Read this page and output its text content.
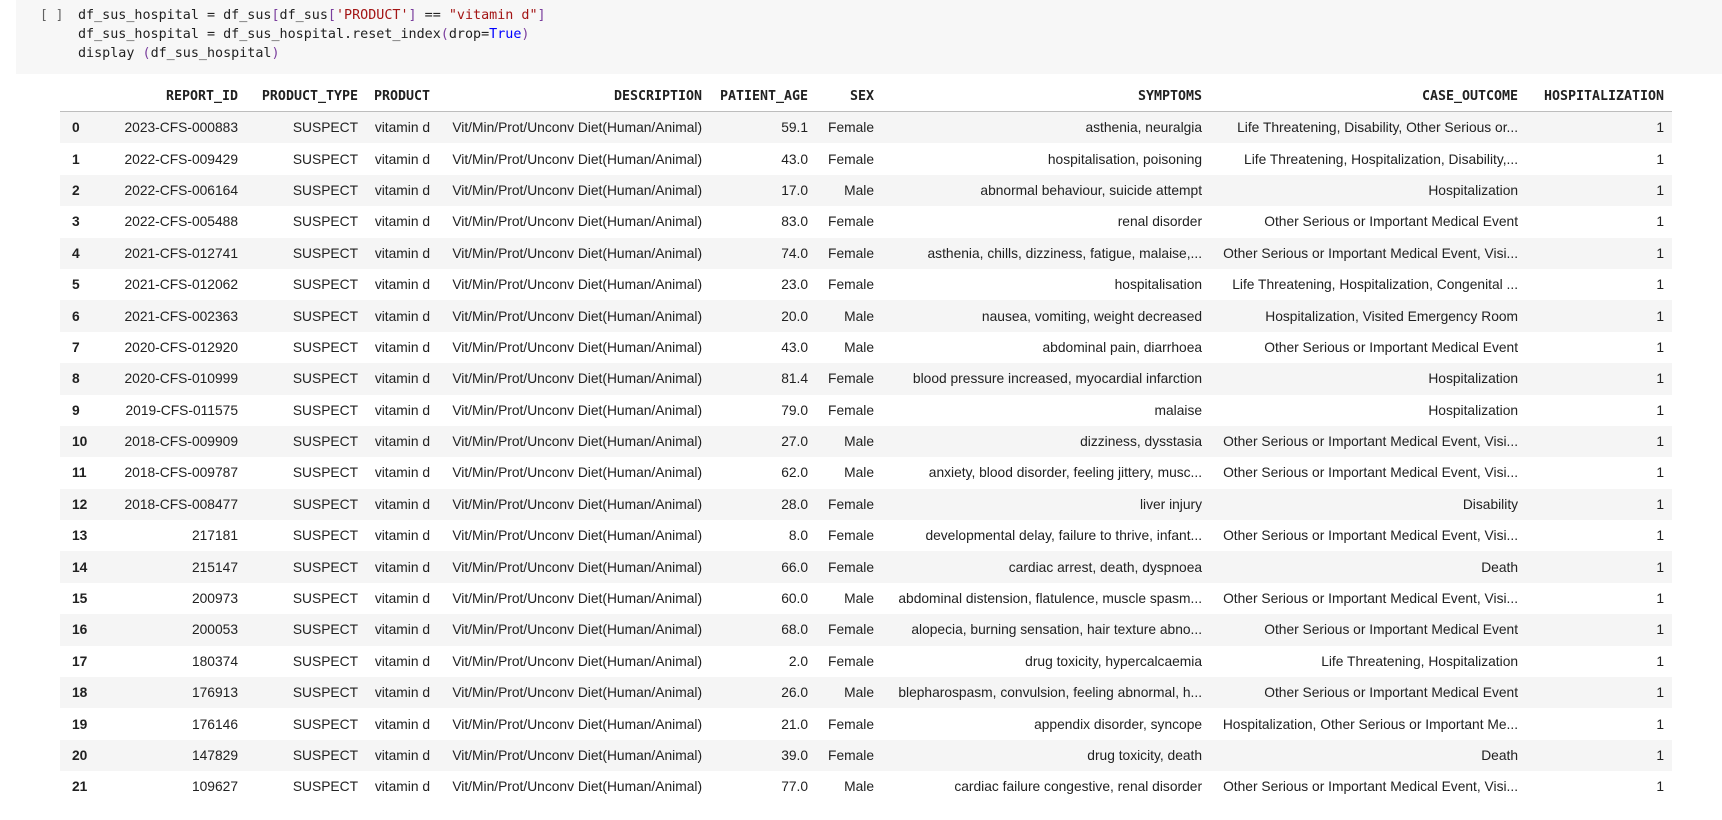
[ ] df_sus_hospital = df_sus[df_sus['PRODUCT'] == "vitamin d"]
df_sus_hospital = df_sus_hospital.reset_index(drop=True)
display (df_sus_hospital)
	REPORT_ID	PRODUCT_TYPE	PRODUCT	DESCRIPTION	PATIENT_AGE	SEX	SYMPTOMS	CASE_OUTCOME	HOSPITALIZATION
0	2023-CFS-000883	SUSPECT	vitamin d	Vit/Min/Prot/Unconv Diet(Human/Animal)	59.1	Female	asthenia, neuralgia	Life Threatening, Disability, Other Serious or...	1
1	2022-CFS-009429	SUSPECT	vitamin d	Vit/Min/Prot/Unconv Diet(Human/Animal)	43.0	Female	hospitalisation, poisoning	Life Threatening, Hospitalization, Disability,...	1
2	2022-CFS-006164	SUSPECT	vitamin d	Vit/Min/Prot/Unconv Diet(Human/Animal)	17.0	Male	abnormal behaviour, suicide attempt	Hospitalization	1
3	2022-CFS-005488	SUSPECT	vitamin d	Vit/Min/Prot/Unconv Diet(Human/Animal)	83.0	Female	renal disorder	Other Serious or Important Medical Event	1
4	2021-CFS-012741	SUSPECT	vitamin d	Vit/Min/Prot/Unconv Diet(Human/Animal)	74.0	Female	asthenia, chills, dizziness, fatigue, malaise,...	Other Serious or Important Medical Event, Visi...	1
5	2021-CFS-012062	SUSPECT	vitamin d	Vit/Min/Prot/Unconv Diet(Human/Animal)	23.0	Female	hospitalisation	Life Threatening, Hospitalization, Congenital ...	1
6	2021-CFS-002363	SUSPECT	vitamin d	Vit/Min/Prot/Unconv Diet(Human/Animal)	20.0	Male	nausea, vomiting, weight decreased	Hospitalization, Visited Emergency Room	1
7	2020-CFS-012920	SUSPECT	vitamin d	Vit/Min/Prot/Unconv Diet(Human/Animal)	43.0	Male	abdominal pain, diarrhoea	Other Serious or Important Medical Event	1
8	2020-CFS-010999	SUSPECT	vitamin d	Vit/Min/Prot/Unconv Diet(Human/Animal)	81.4	Female	blood pressure increased, myocardial infarction	Hospitalization	1
9	2019-CFS-011575	SUSPECT	vitamin d	Vit/Min/Prot/Unconv Diet(Human/Animal)	79.0	Female	malaise	Hospitalization	1
10	2018-CFS-009909	SUSPECT	vitamin d	Vit/Min/Prot/Unconv Diet(Human/Animal)	27.0	Male	dizziness, dysstasia	Other Serious or Important Medical Event, Visi...	1
11	2018-CFS-009787	SUSPECT	vitamin d	Vit/Min/Prot/Unconv Diet(Human/Animal)	62.0	Male	anxiety, blood disorder, feeling jittery, musc...	Other Serious or Important Medical Event, Visi...	1
12	2018-CFS-008477	SUSPECT	vitamin d	Vit/Min/Prot/Unconv Diet(Human/Animal)	28.0	Female	liver injury	Disability	1
13	217181	SUSPECT	vitamin d	Vit/Min/Prot/Unconv Diet(Human/Animal)	8.0	Female	developmental delay, failure to thrive, infant...	Other Serious or Important Medical Event, Visi...	1
14	215147	SUSPECT	vitamin d	Vit/Min/Prot/Unconv Diet(Human/Animal)	66.0	Female	cardiac arrest, death, dyspnoea	Death	1
15	200973	SUSPECT	vitamin d	Vit/Min/Prot/Unconv Diet(Human/Animal)	60.0	Male	abdominal distension, flatulence, muscle spasm...	Other Serious or Important Medical Event, Visi...	1
16	200053	SUSPECT	vitamin d	Vit/Min/Prot/Unconv Diet(Human/Animal)	68.0	Female	alopecia, burning sensation, hair texture abno...	Other Serious or Important Medical Event	1
17	180374	SUSPECT	vitamin d	Vit/Min/Prot/Unconv Diet(Human/Animal)	2.0	Female	drug toxicity, hypercalcaemia	Life Threatening, Hospitalization	1
18	176913	SUSPECT	vitamin d	Vit/Min/Prot/Unconv Diet(Human/Animal)	26.0	Male	blepharospasm, convulsion, feeling abnormal, h...	Other Serious or Important Medical Event	1
19	176146	SUSPECT	vitamin d	Vit/Min/Prot/Unconv Diet(Human/Animal)	21.0	Female	appendix disorder, syncope	Hospitalization, Other Serious or Important Me...	1
20	147829	SUSPECT	vitamin d	Vit/Min/Prot/Unconv Diet(Human/Animal)	39.0	Female	drug toxicity, death	Death	1
21	109627	SUSPECT	vitamin d	Vit/Min/Prot/Unconv Diet(Human/Animal)	77.0	Male	cardiac failure congestive, renal disorder	Other Serious or Important Medical Event, Visi...	1
